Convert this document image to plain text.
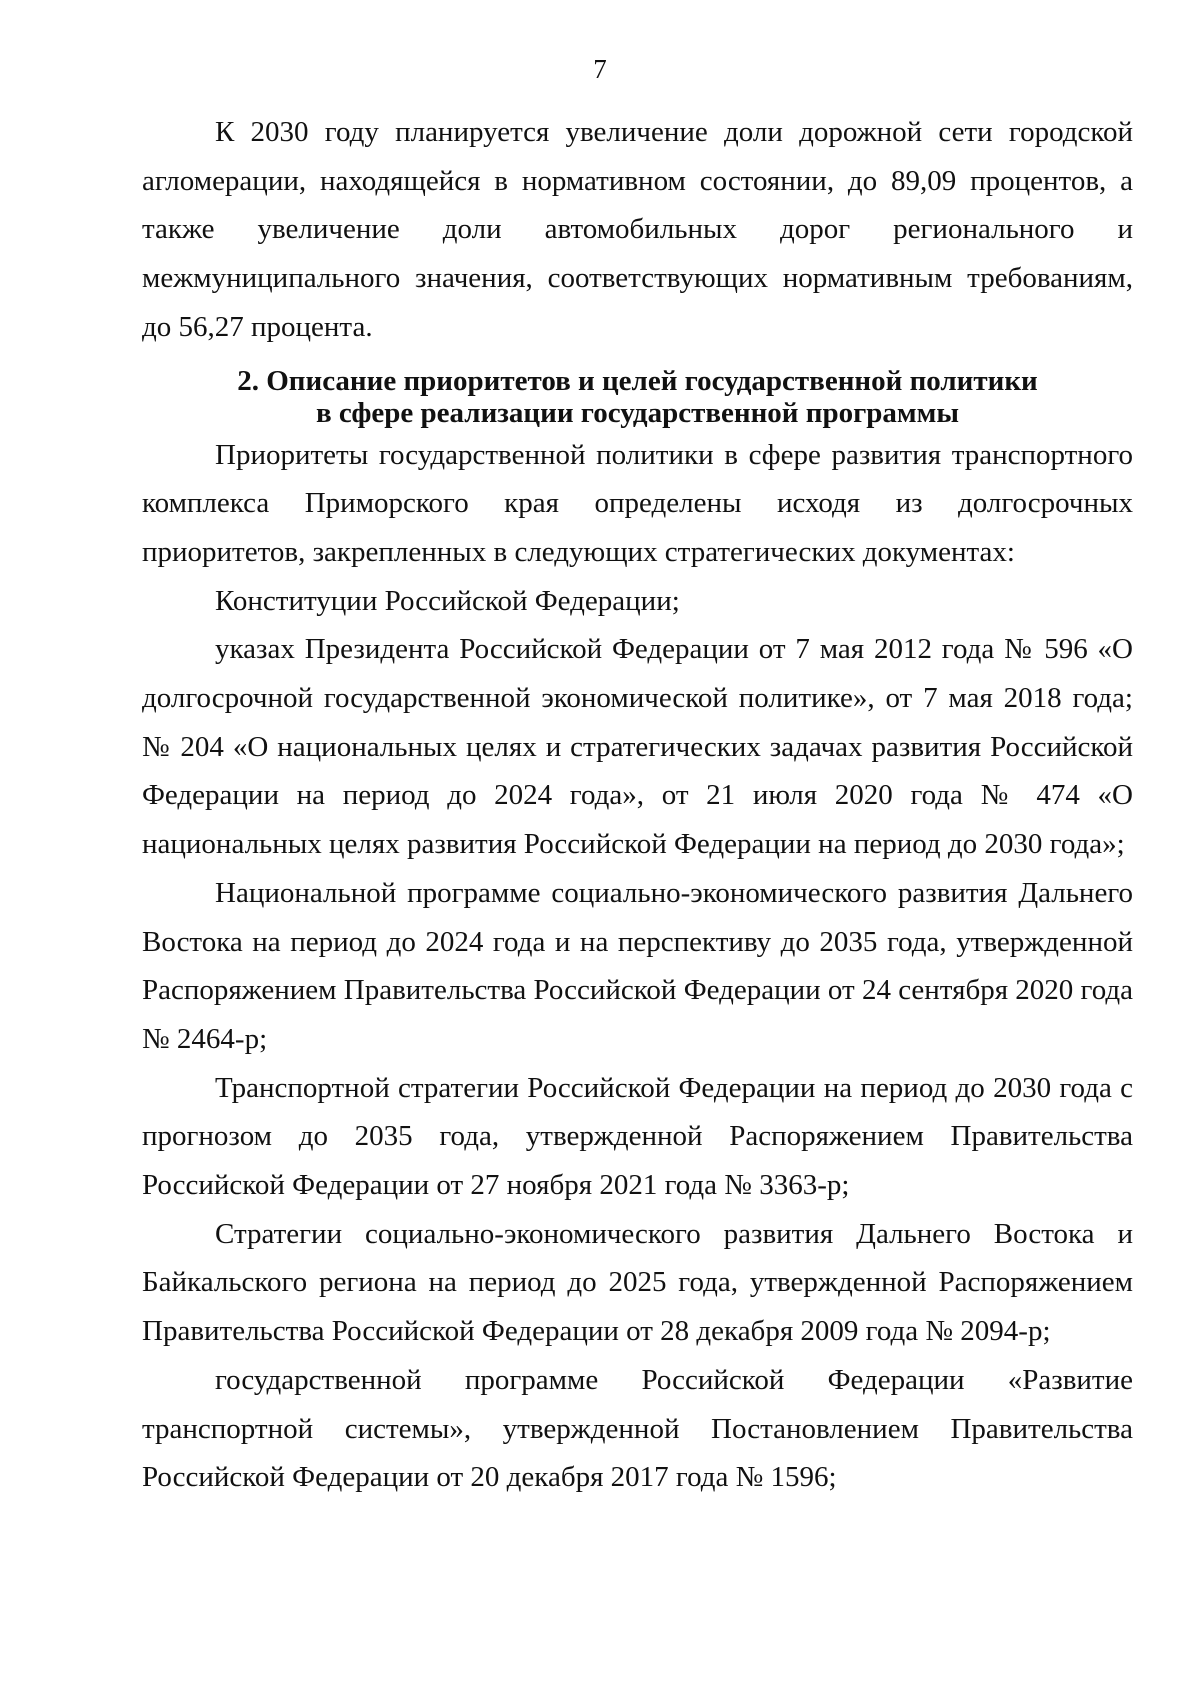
7

К 2030 году планируется увеличение доли дорожной сети городской агломерации, находящейся в нормативном состоянии, до 89,09 процентов, а также увеличение доли автомобильных дорог регионального и межмуниципального значения, соответствующих нормативным требованиям, до 56,27 процента.

2. Описание приоритетов и целей государственной политики
в сфере реализации государственной программы

Приоритеты государственной политики в сфере развития транспортного комплекса Приморского края определены исходя из долгосрочных приоритетов, закрепленных в следующих стратегических документах:

Конституции Российской Федерации;

указах Президента Российской Федерации от 7 мая 2012 года № 596 «О долгосрочной государственной экономической политике», от 7 мая 2018 года; № 204 «О национальных целях и стратегических задачах развития Российской Федерации на период до 2024 года», от 21 июля 2020 года № 474 «О национальных целях развития Российской Федерации на период до 2030 года»;

Национальной программе социально-экономического развития Дальнего Востока на период до 2024 года и на перспективу до 2035 года, утвержденной Распоряжением Правительства Российской Федерации от 24 сентября 2020 года № 2464-р;

Транспортной стратегии Российской Федерации на период до 2030 года с прогнозом до 2035 года, утвержденной Распоряжением Правительства Российской Федерации от 27 ноября 2021 года № 3363-р;

Стратегии социально-экономического развития Дальнего Востока и Байкальского региона на период до 2025 года, утвержденной Распоряжением Правительства Российской Федерации от 28 декабря 2009 года № 2094-р;

государственной программе Российской Федерации «Развитие транспортной системы», утвержденной Постановлением Правительства Российской Федерации от 20 декабря 2017 года № 1596;
